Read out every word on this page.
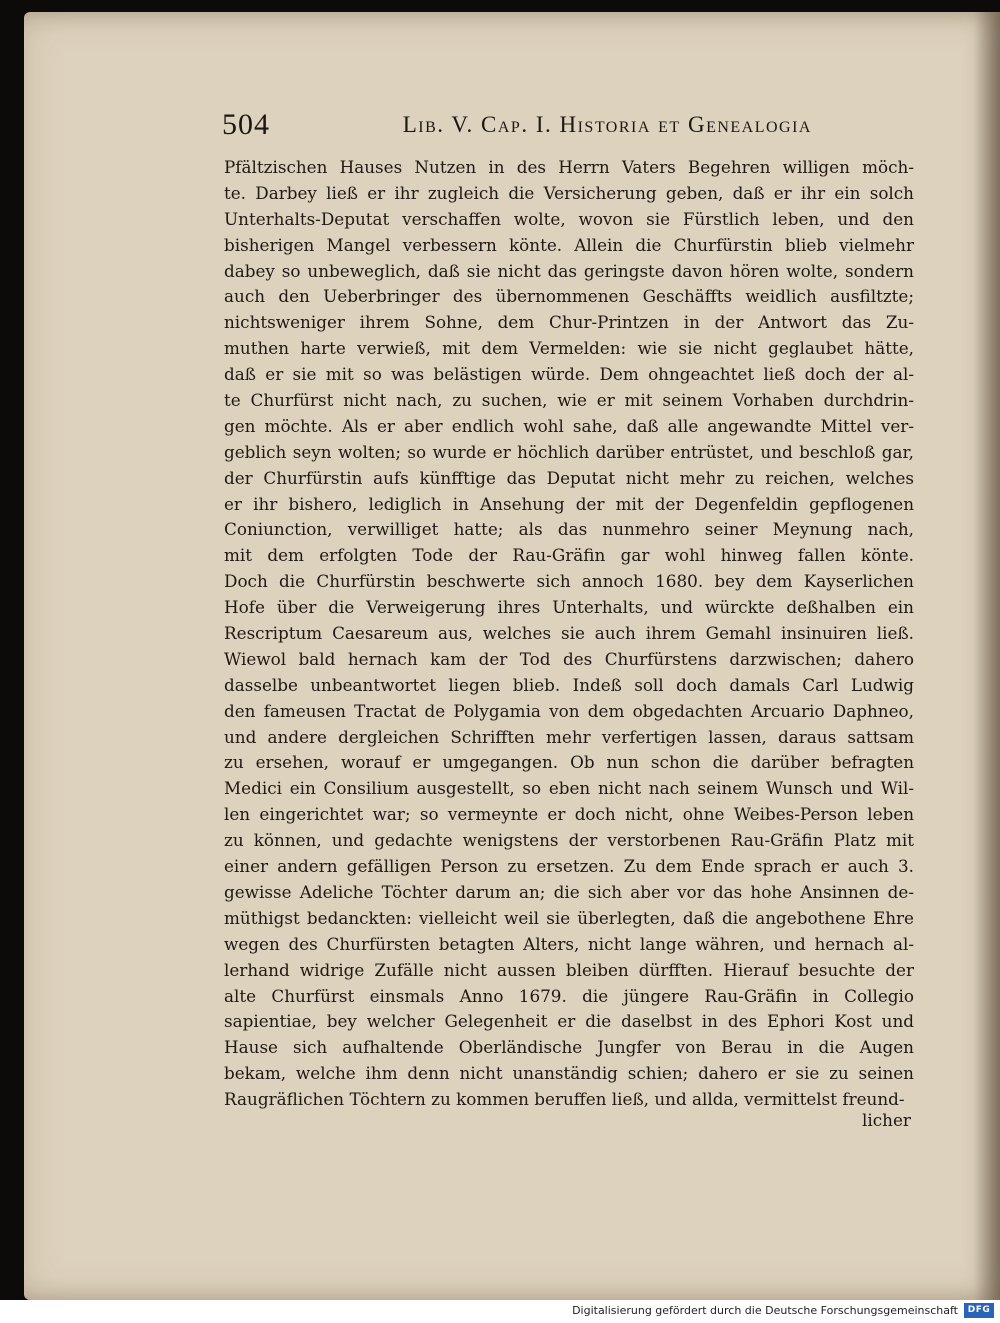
504	Lib. V. Cap. I. Historia et Genealogia
Pfältzischen Hauses Nutzen in des Herrn Vaters Begehren willigen möch-
te. Darbey ließ er ihr zugleich die Versicherung geben, daß er ihr ein solch
Unterhalts-Deputat verschaffen wolte, wovon sie Fürstlich leben, und den
bisherigen Mangel verbessern könte. Allein die Churfürstin blieb vielmehr
dabey so unbeweglich, daß sie nicht das geringste davon hören wolte, sondern
auch den Ueberbringer des übernommenen Geschäffts weidlich ausfiltzte;
nichtsweniger ihrem Sohne, dem Chur-Printzen in der Antwort das Zu-
muthen harte verwieß, mit dem Vermelden: wie sie nicht geglaubet hätte,
daß er sie mit so was belästigen würde. Dem ohngeachtet ließ doch der al-
te Churfürst nicht nach, zu suchen, wie er mit seinem Vorhaben durchdrin-
gen möchte. Als er aber endlich wohl sahe, daß alle angewandte Mittel ver-
geblich seyn wolten; so wurde er höchlich darüber entrüstet, und beschloß gar,
der Churfürstin aufs künfftige das Deputat nicht mehr zu reichen, welches
er ihr bishero, lediglich in Ansehung der mit der Degenfeldin gepflogenen
Coniunction, verwilliget hatte; als das nunmehro seiner Meynung nach,
mit dem erfolgten Tode der Rau-Gräfin gar wohl hinweg fallen könte.
Doch die Churfürstin beschwerte sich annoch 1680. bey dem Kayserlichen
Hofe über die Verweigerung ihres Unterhalts, und würckte deßhalben ein
Rescriptum Caesareum aus, welches sie auch ihrem Gemahl insinuiren ließ.
Wiewol bald hernach kam der Tod des Churfürstens darzwischen; dahero
dasselbe unbeantwortet liegen blieb. Indeß soll doch damals Carl Ludwig
den fameusen Tractat de Polygamia von dem obgedachten Arcuario Daphneo,
und andere dergleichen Schrifften mehr verfertigen lassen, daraus sattsam
zu ersehen, worauf er umgegangen. Ob nun schon die darüber befragten
Medici ein Consilium ausgestellt, so eben nicht nach seinem Wunsch und Wil-
len eingerichtet war; so vermeynte er doch nicht, ohne Weibes-Person leben
zu können, und gedachte wenigstens der verstorbenen Rau-Gräfin Platz mit
einer andern gefälligen Person zu ersetzen. Zu dem Ende sprach er auch 3.
gewisse Adeliche Töchter darum an; die sich aber vor das hohe Ansinnen de-
müthigst bedanckten: vielleicht weil sie überlegten, daß die angebothene Ehre
wegen des Churfürsten betagten Alters, nicht lange währen, und hernach al-
lerhand widrige Zufälle nicht aussen bleiben dürfften. Hierauf besuchte der
alte Churfürst einsmals Anno 1679. die jüngere Rau-Gräfin in Collegio
sapientiae, bey welcher Gelegenheit er die daselbst in des Ephori Kost und
Hause sich aufhaltende Oberländische Jungfer von Berau in die Augen
bekam, welche ihm denn nicht unanständig schien; dahero er sie zu seinen
Raugräflichen Töchtern zu kommen beruffen ließ, und allda, vermittelst freund-
licher
Digitalisierung gefördert durch die Deutsche Forschungsgemeinschaft	DFG
